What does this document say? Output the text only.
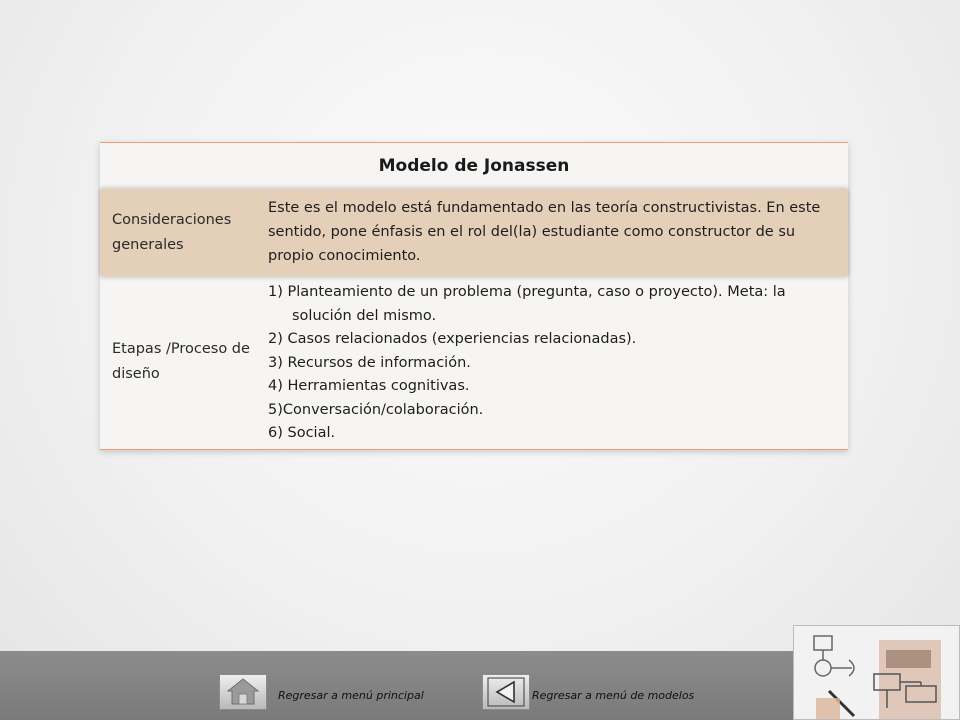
Modelo de Jonassen
Consideraciones generales
Este es el modelo está fundamentado en las teoría constructivistas. En este sentido, pone énfasis en el rol del(la) estudiante como constructor de su propio conocimiento.
Etapas /Proceso de diseño
1) Planteamiento de un problema (pregunta, caso o proyecto). Meta: la solución del mismo.
2) Casos relacionados (experiencias relacionadas).
3) Recursos de información.
4) Herramientas cognitivas.
5)Conversación/colaboración.
6) Social.
Regresar a menú principal	Regresar a menú de modelos
